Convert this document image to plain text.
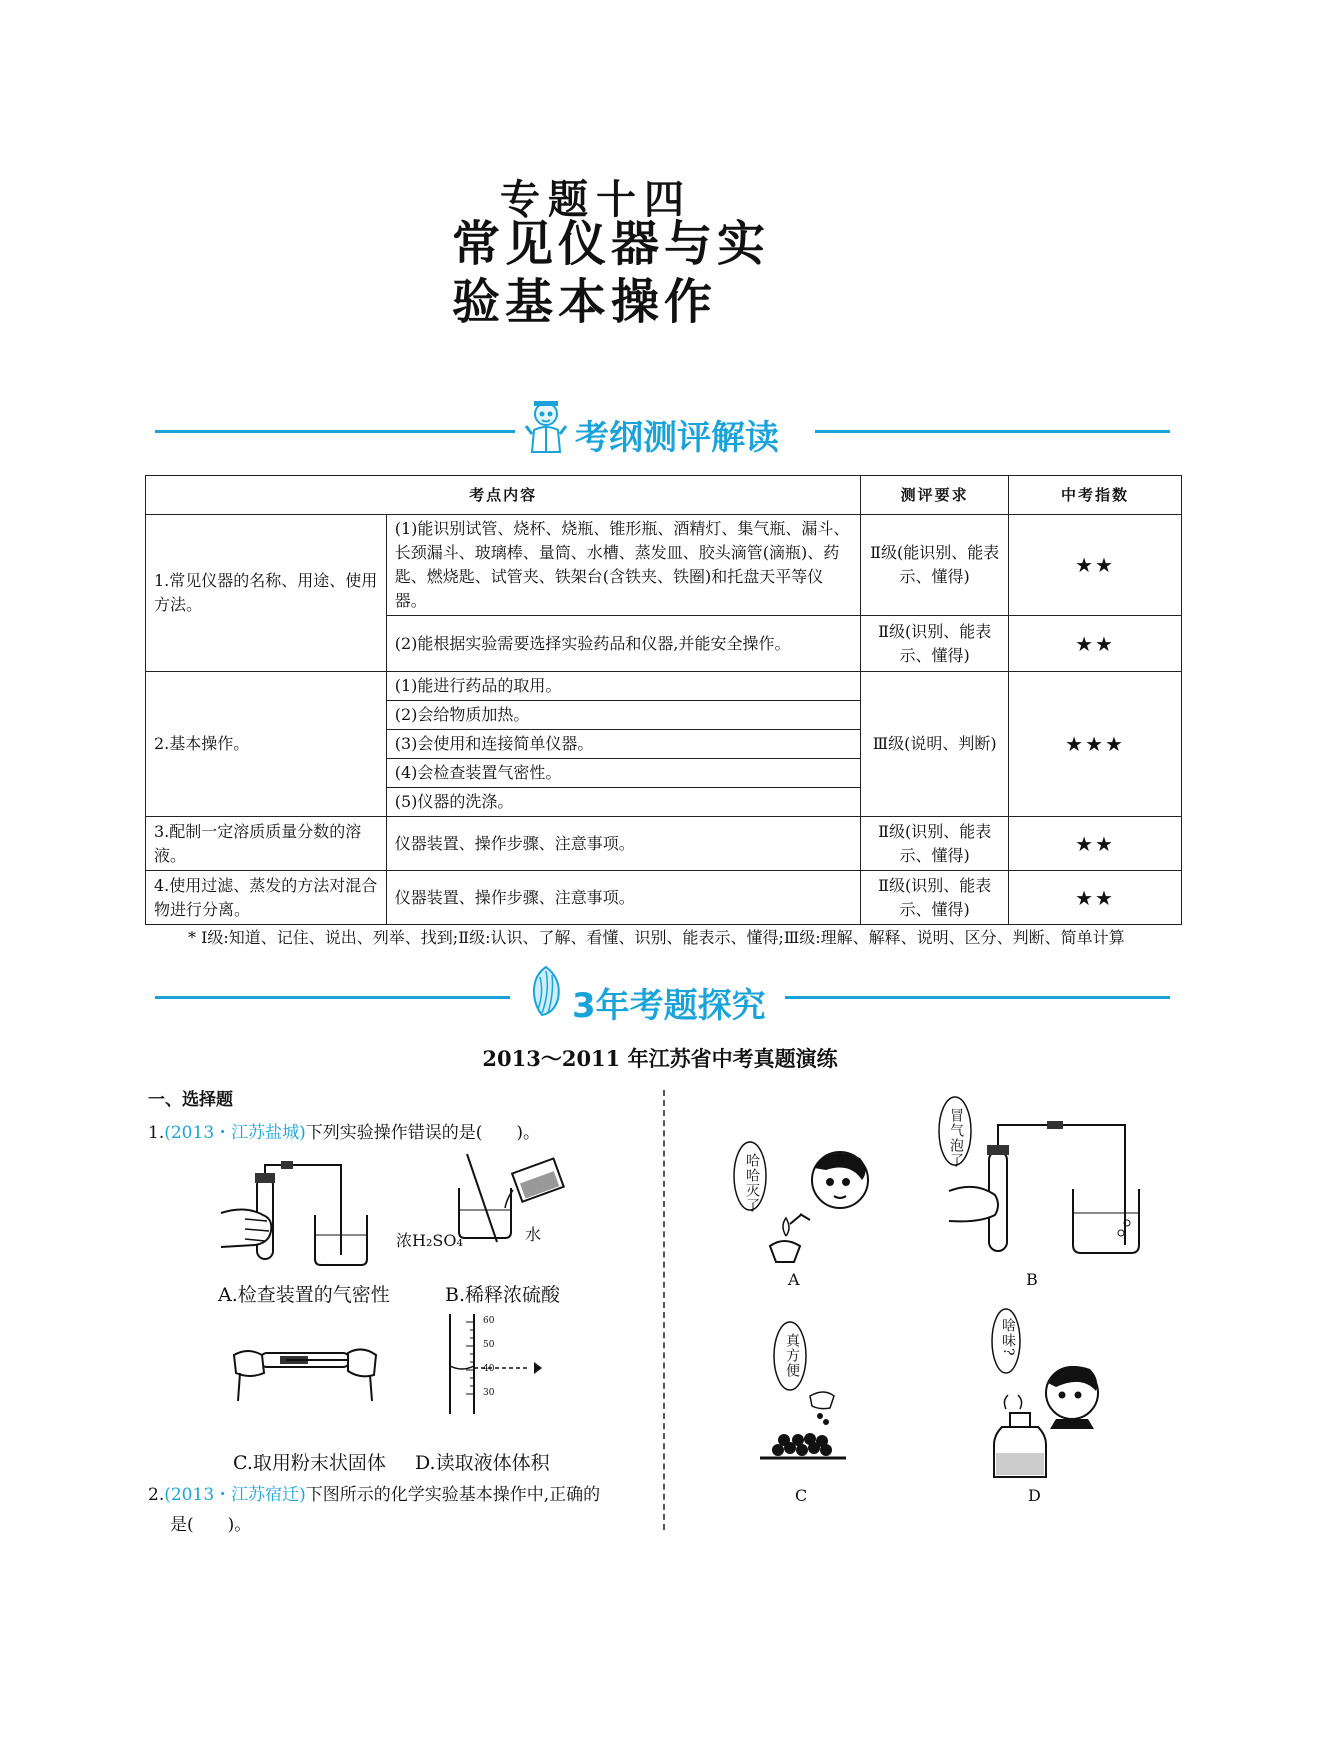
专题十四
常见仪器与实
验基本操作
考纲测评解读
考点内容		测评要求	中考指数
1.常见仪器的名称、用途、使用方法。	(1)能识别试管、烧杯、烧瓶、锥形瓶、酒精灯、集气瓶、漏斗、长颈漏斗、玻璃棒、量筒、水槽、蒸发皿、胶头滴管(滴瓶)、药匙、燃烧匙、试管夹、铁架台(含铁夹、铁圈)和托盘天平等仪器。	Ⅱ级(能识别、能表示、懂得)	★★
	(2)能根据实验需要选择实验药品和仪器,并能安全操作。	Ⅱ级(识别、能表示、懂得)	★★
2.基本操作。	(1)能进行药品的取用。	Ⅲ级(说明、判断)	★★★
	(2)会给物质加热。		
	(3)会使用和连接简单仪器。		
	(4)会检查装置气密性。		
	(5)仪器的洗涤。		
3.配制一定溶质质量分数的溶液。	仪器装置、操作步骤、注意事项。	Ⅱ级(识别、能表示、懂得)	★★
4.使用过滤、蒸发的方法对混合物进行分离。	仪器装置、操作步骤、注意事项。	Ⅱ级(识别、能表示、懂得)	★★
* Ⅰ级:知道、记住、说出、列举、找到;Ⅱ级:认识、了解、看懂、识别、能表示、懂得;Ⅲ级:理解、解释、说明、区分、判断、简单计算
3年考题探究
2013～2011 年江苏省中考真题演练
一、选择题
1.(2013・江苏盐城)下列实验操作错误的是(　　)。
浓H₂SO₄	水
A.检查装置的气密性	B.稀释浓硫酸
60
50
40
30
C.取用粉末状固体 D.读取液体体积
2.(2013・江苏宿迁)下图所示的化学实验基本操作中,正确的
是(　　)。
哈哈灭了
A
冒气泡了
B
真方便
C
啥味?
D
